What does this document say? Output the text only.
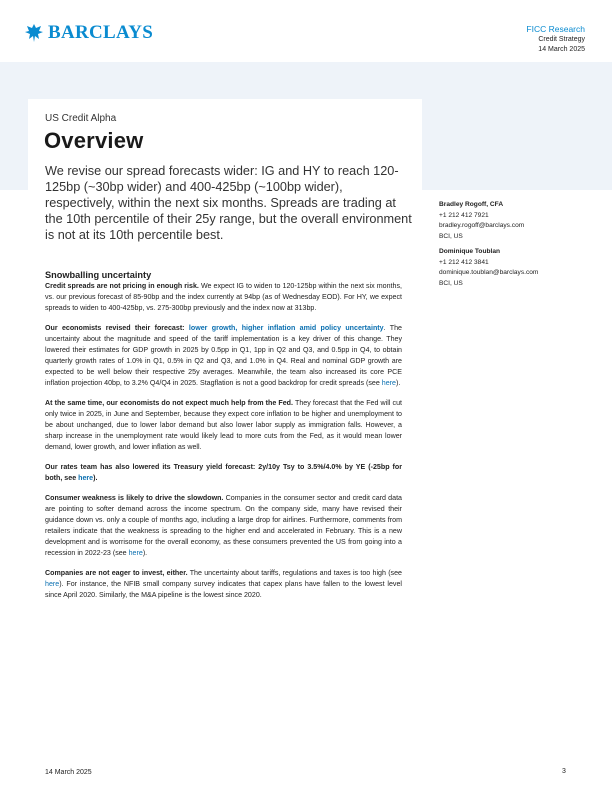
BARCLAYS	FICC Research
Credit Strategy
14 March 2025
US Credit Alpha
Overview

We revise our spread forecasts wider: IG and HY to reach 120-125bp (~30bp wider) and 400-425bp (~100bp wider), respectively, within the next six months. Spreads are trading at the 10th percentile of their 25y range, but the overall environment is not at its 10th percentile best.

Snowballing uncertainty

Credit spreads are not pricing in enough risk. We expect IG to widen to 120-125bp within the next six months, vs. our previous forecast of 85-90bp and the index currently at 94bp (as of Wednesday EOD). For HY, we expect spreads to widen to 400-425bp, vs. 275-300bp previously and the index now at 313bp.

Our economists revised their forecast: lower growth, higher inflation amid policy uncertainty. The uncertainty about the magnitude and speed of the tariff implementation is a key driver of this change. They lowered their estimates for GDP growth in 2025 by 0.5pp in Q1, 1pp in Q2 and Q3, and 0.5pp in Q4, to obtain quarterly growth rates of 1.0% in Q1, 0.5% in Q2 and Q3, and 1.0% in Q4. Real and nominal GDP growth are expected to be well below their respective 25y averages. Meanwhile, the team also increased its core PCE inflation projection 40bp, to 3.2% Q4/Q4 in 2025. Stagflation is not a good backdrop for credit spreads (see here).

At the same time, our economists do not expect much help from the Fed. They forecast that the Fed will cut only twice in 2025, in June and September, because they expect core inflation to be higher and unemployment to be about unchanged, due to lower labor demand but also lower labor supply as immigration falls. However, a sharp increase in the unemployment rate would likely lead to more cuts from the Fed, as it would mean lower demand, lower growth, and lower inflation as well.

Our rates team has also lowered its Treasury yield forecast: 2y/10y Tsy to 3.5%/4.0% by YE (-25bp for both, see here).

Consumer weakness is likely to drive the slowdown. Companies in the consumer sector and credit card data are pointing to softer demand across the income spectrum. On the company side, many have revised their guidance down vs. only a couple of months ago, including a large drop for airlines. Furthermore, comments from retailers indicate that the weakness is spreading to the higher end and accelerated in February. This is a new development and is worrisome for the overall economy, as these consumers prevented the US from going into a recession in 2022-23 (see here).

Companies are not eager to invest, either. The uncertainty about tariffs, regulations and taxes is too high (see here). For instance, the NFIB small company survey indicates that capex plans have fallen to the lowest level since April 2020. Similarly, the M&A pipeline is the lowest since 2020.

Bradley Rogoff, CFA
+1 212 412 7921
bradley.rogoff@barclays.com
BCI, US
Dominique Toublan
+1 212 412 3841
dominique.toublan@barclays.com
BCI, US
14 March 2025	3
